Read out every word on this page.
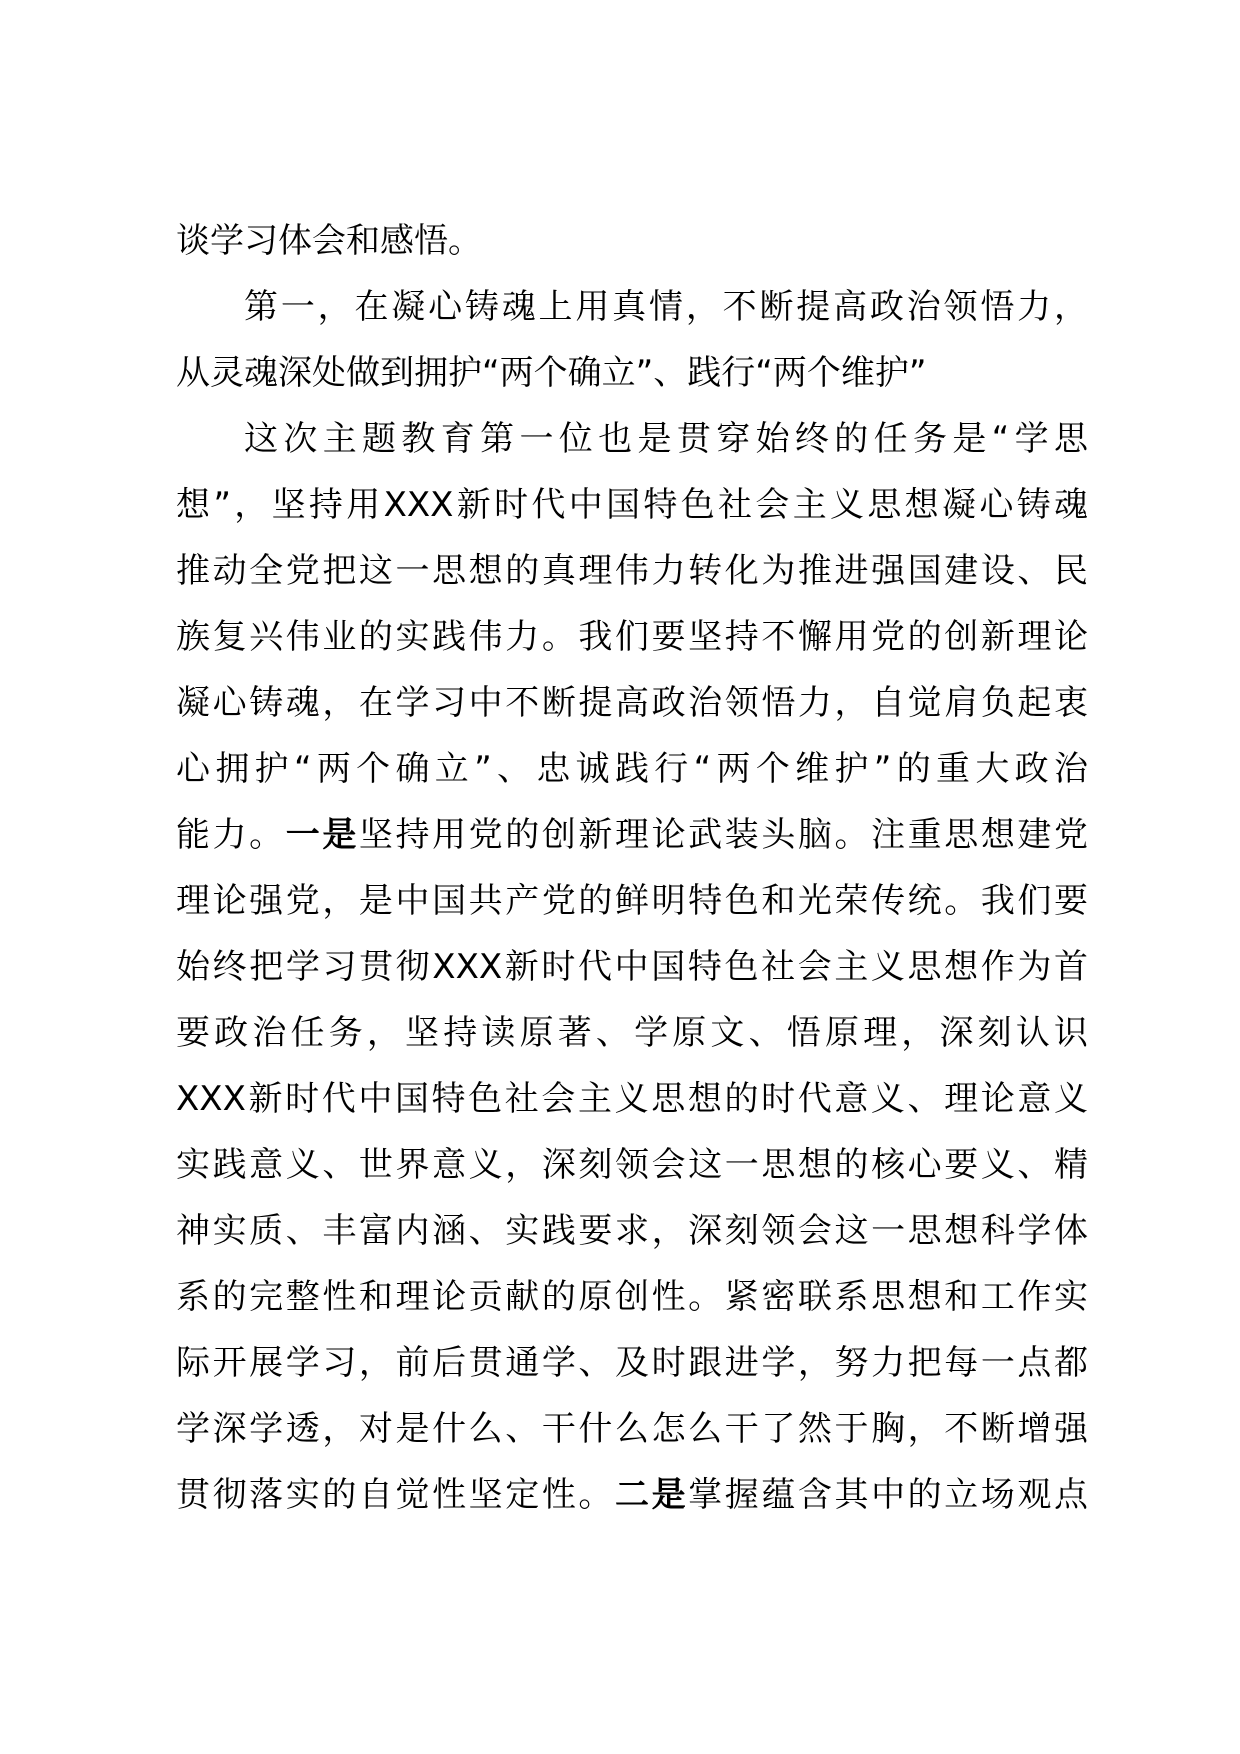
谈学习体会和感悟。
第一，在凝心铸魂上用真情，不断提高政治领悟力，
从灵魂深处做到拥护“两个确立”、践行“两个维护”
这次主题教育第一位也是贯穿始终的任务是“学思
想”，坚持用XXX新时代中国特色社会主义思想凝心铸魂
推动全党把这一思想的真理伟力转化为推进强国建设、民
族复兴伟业的实践伟力。我们要坚持不懈用党的创新理论
凝心铸魂，在学习中不断提高政治领悟力，自觉肩负起衷
心拥护“两个确立”、忠诚践行“两个维护”的重大政治
能力。一是坚持用党的创新理论武装头脑。注重思想建党
理论强党，是中国共产党的鲜明特色和光荣传统。我们要
始终把学习贯彻XXX新时代中国特色社会主义思想作为首
要政治任务，坚持读原著、学原文、悟原理，深刻认识
XXX新时代中国特色社会主义思想的时代意义、理论意义
实践意义、世界意义，深刻领会这一思想的核心要义、精
神实质、丰富内涵、实践要求，深刻领会这一思想科学体
系的完整性和理论贡献的原创性。紧密联系思想和工作实
际开展学习，前后贯通学、及时跟进学，努力把每一点都
学深学透，对是什么、干什么怎么干了然于胸，不断增强
贯彻落实的自觉性坚定性。二是掌握蕴含其中的立场观点
